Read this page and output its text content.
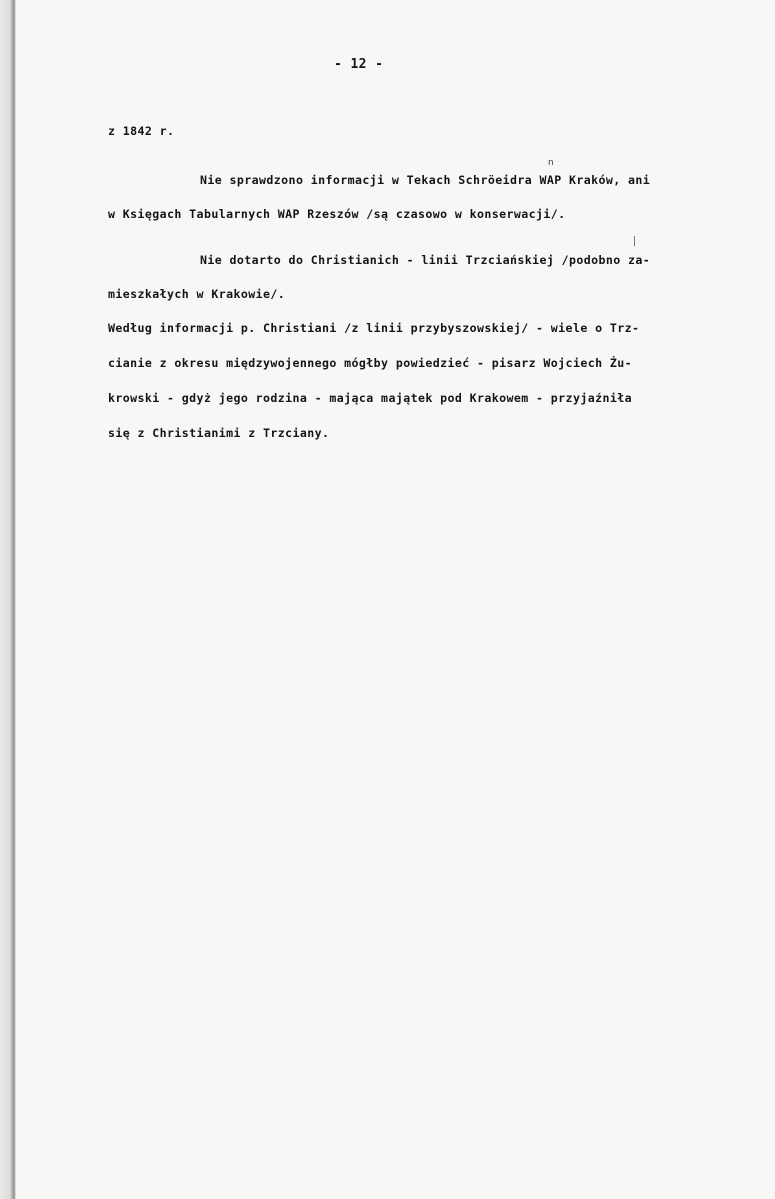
- 12 -
z 1842 r.
n
Nie sprawdzono informacji w Tekach Schröeidra WAP Kraków, ani
w Księgach Tabularnych WAP Rzeszów /są czasowo w konserwacji/.
Nie dotarto do Christianich - linii Trzciańskiej /podobno za-
mieszkałych w Krakowie/.
Według informacji p. Christiani /z linii przybyszowskiej/ - wiele o Trz-
cianie z okresu międzywojennego mógłby powiedzieć - pisarz Wojciech Żu-
krowski - gdyż jego rodzina - mająca majątek pod Krakowem - przyjaźniła
się z Christianimi z Trzciany.
